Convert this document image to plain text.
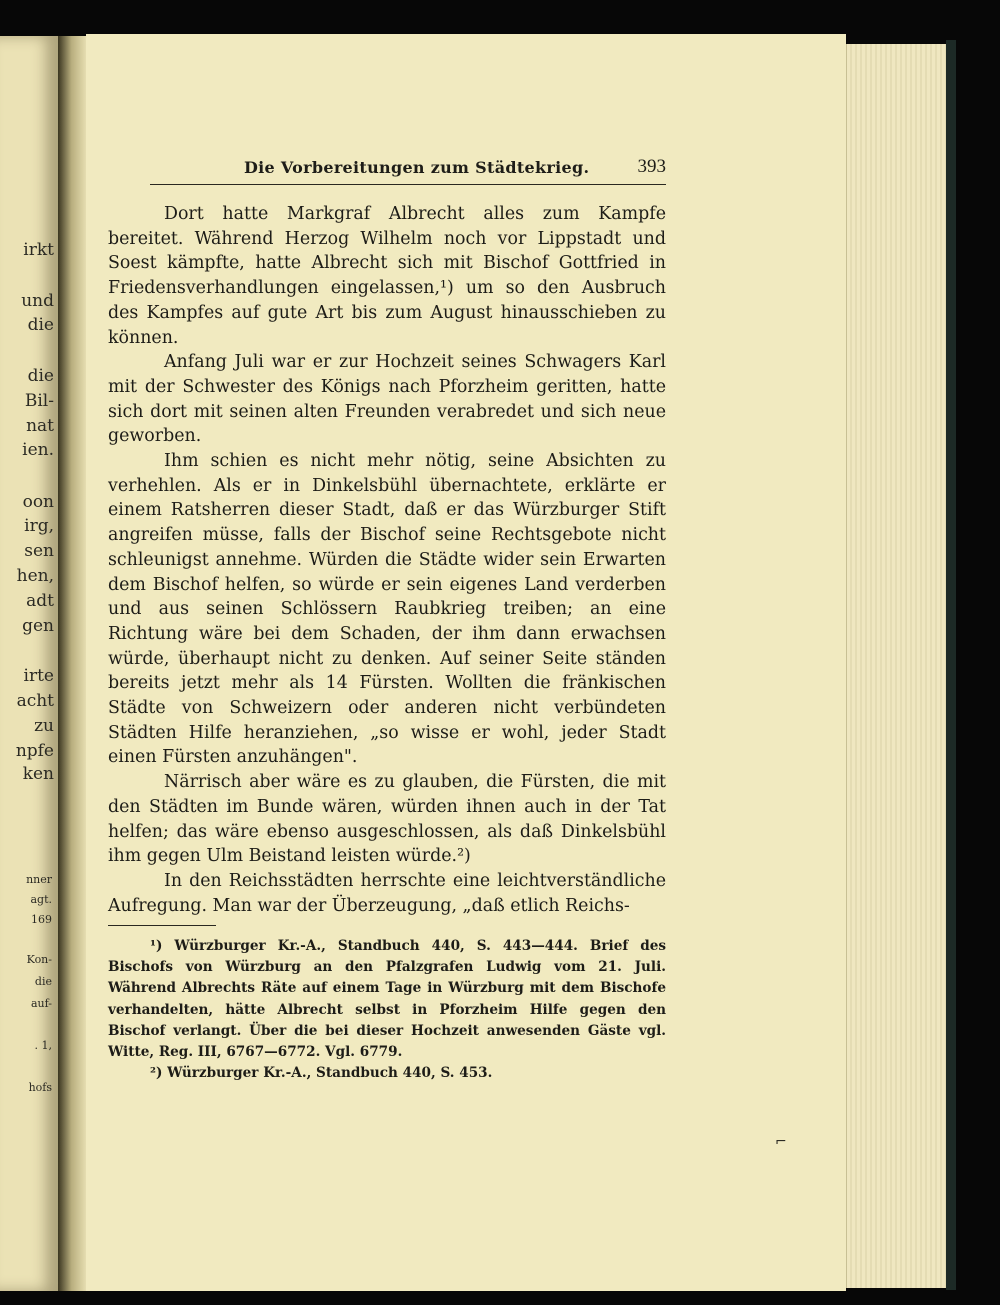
irkt
und
die
die
Bil-
nat
ien.
oon
irg,
sen
hen,
adt
gen
irte
acht
zu
npfe
ken
nner
agt.
169
Kon-
die
auf-
. 1,
hofs
Die Vorbereitungen zum Städtekrieg.	393

Dort hatte Markgraf Albrecht alles zum Kampfe bereitet. Während Herzog Wilhelm noch vor Lippstadt und Soest kämpfte, hatte Albrecht sich mit Bischof Gottfried in Friedensverhandlungen eingelassen,¹) um so den Ausbruch des Kampfes auf gute Art bis zum August hinausschieben zu können.

Anfang Juli war er zur Hochzeit seines Schwagers Karl mit der Schwester des Königs nach Pforzheim geritten, hatte sich dort mit seinen alten Freunden verabredet und sich neue geworben.

Ihm schien es nicht mehr nötig, seine Absichten zu verhehlen. Als er in Dinkelsbühl übernachtete, erklärte er einem Ratsherren dieser Stadt, daß er das Würzburger Stift angreifen müsse, falls der Bischof seine Rechtsgebote nicht schleunigst annehme. Würden die Städte wider sein Erwarten dem Bischof helfen, so würde er sein eigenes Land verderben und aus seinen Schlössern Raubkrieg treiben; an eine Richtung wäre bei dem Schaden, der ihm dann erwachsen würde, überhaupt nicht zu denken. Auf seiner Seite ständen bereits jetzt mehr als 14 Fürsten. Wollten die fränkischen Städte von Schweizern oder anderen nicht verbündeten Städten Hilfe heranziehen, „so wisse er wohl, jeder Stadt einen Fürsten anzuhängen".

Närrisch aber wäre es zu glauben, die Fürsten, die mit den Städten im Bunde wären, würden ihnen auch in der Tat helfen; das wäre ebenso ausgeschlossen, als daß Dinkelsbühl ihm gegen Ulm Beistand leisten würde.²)

In den Reichsstädten herrschte eine leichtverständliche Aufregung. Man war der Überzeugung, „daß etlich Reichs-

¹) Würzburger Kr.-A., Standbuch 440, S. 443—444. Brief des Bischofs von Würzburg an den Pfalzgrafen Ludwig vom 21. Juli. Während Albrechts Räte auf einem Tage in Würzburg mit dem Bischofe verhandelten, hätte Albrecht selbst in Pforzheim Hilfe gegen den Bischof verlangt. Über die bei dieser Hochzeit anwesenden Gäste vgl. Witte, Reg. III, 6767—6772. Vgl. 6779.

²) Würzburger Kr.-A., Standbuch 440, S. 453.

⌐
